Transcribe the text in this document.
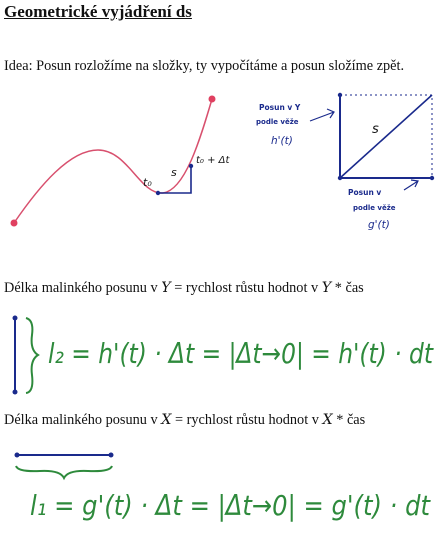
Geometrické vyjádření ds
Idea: Posun rozložíme na složky, ty vypočítáme a posun složíme zpět.
t₀
t₀ + Δt
s
s
Posun v Y
podle věže
h'(t)
Posun v
podle věže
g'(t)
Délka malinkého posunu v Y = rychlost růstu hodnot v Y * čas
l₂ = h'(t) · Δt = |Δt→0| = h'(t) · dt
Délka malinkého posunu v X = rychlost růstu hodnot v X * čas
l₁ = g'(t) · Δt = |Δt→0| = g'(t) · dt
